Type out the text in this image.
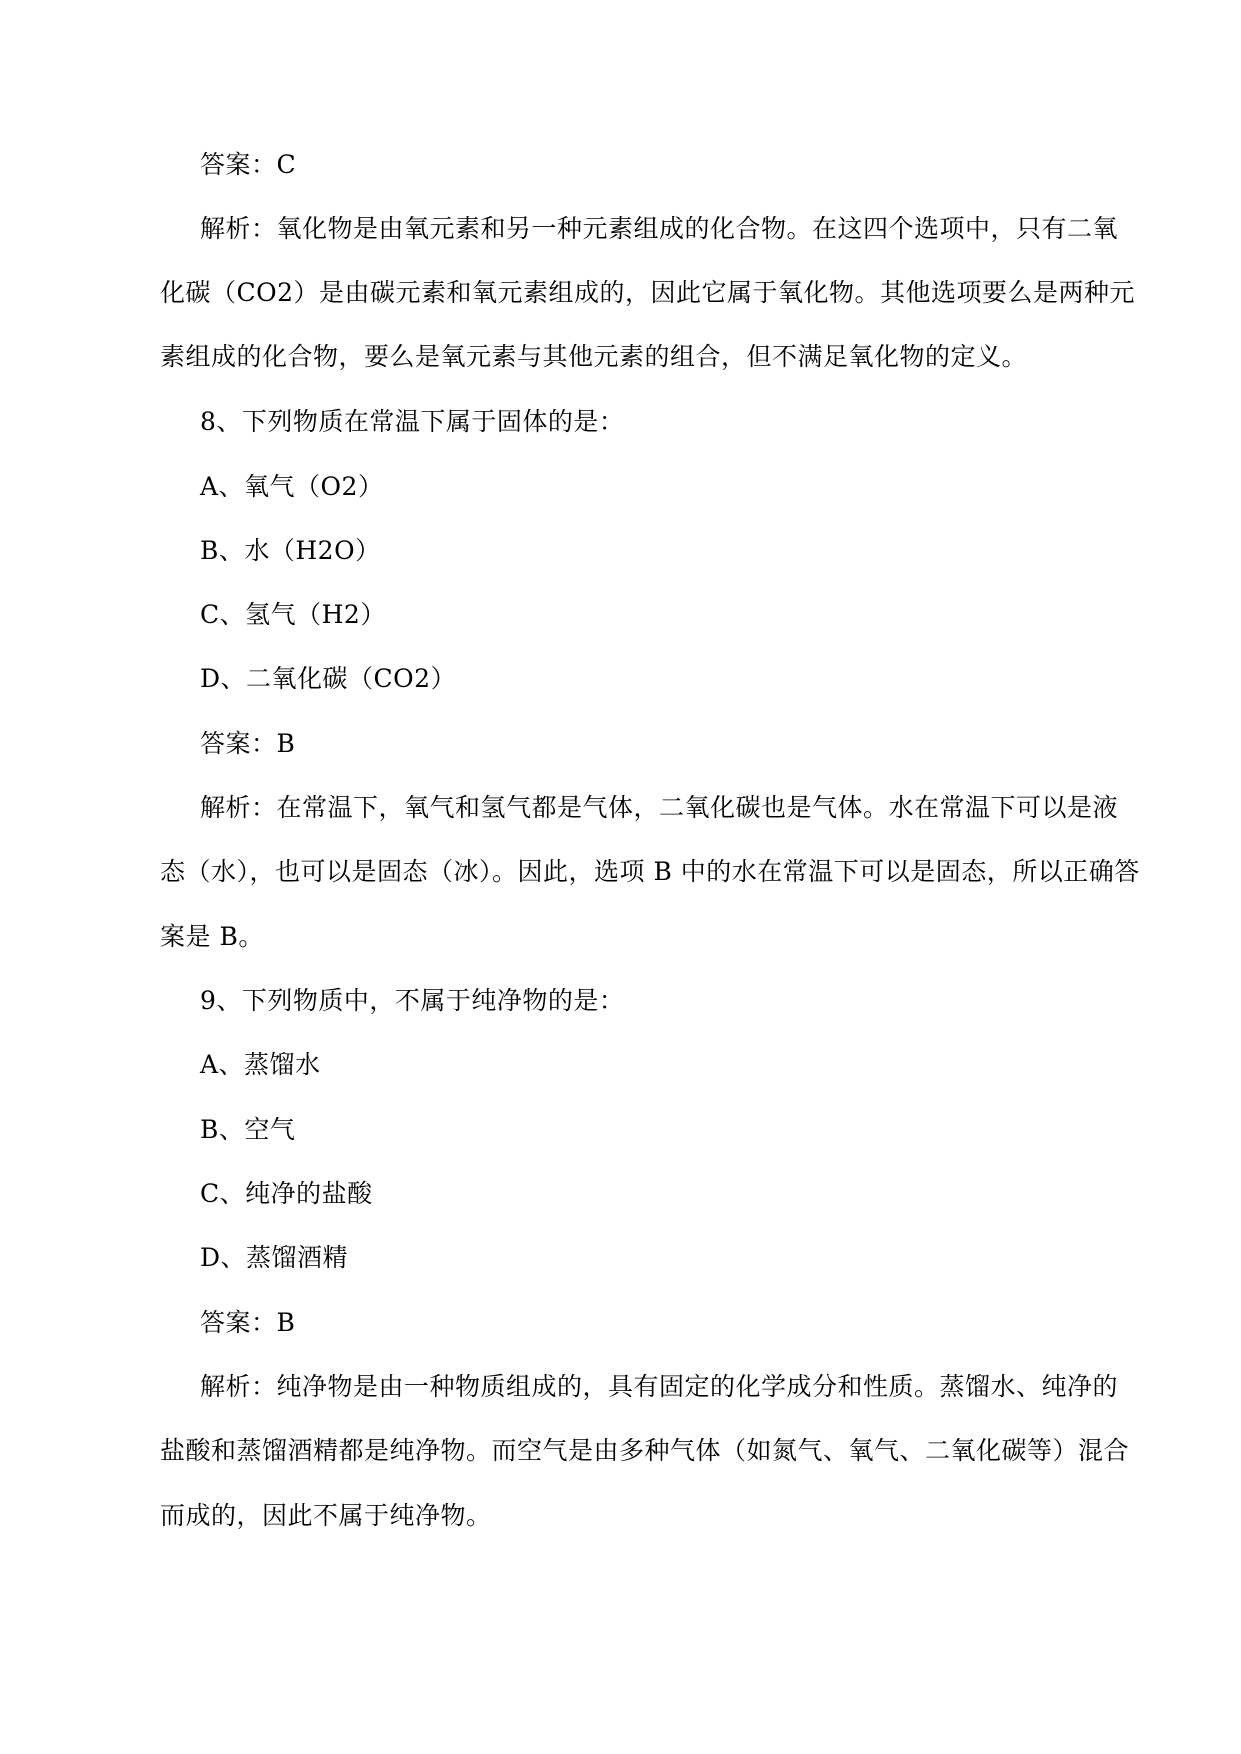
答案：C
解析：氧化物是由氧元素和另一种元素组成的化合物。在这四个选项中，只有二氧
化碳（CO2）是由碳元素和氧元素组成的，因此它属于氧化物。其他选项要么是两种元
素组成的化合物，要么是氧元素与其他元素的组合，但不满足氧化物的定义。
8、下列物质在常温下属于固体的是：
A、氧气（O2）
B、水（H2O）
C、氢气（H2）
D、二氧化碳（CO2）
答案：B
解析：在常温下，氧气和氢气都是气体，二氧化碳也是气体。水在常温下可以是液
态（水），也可以是固态（冰）。因此，选项 B 中的水在常温下可以是固态，所以正确答
案是 B。
9、下列物质中，不属于纯净物的是：
A、蒸馏水
B、空气
C、纯净的盐酸
D、蒸馏酒精
答案：B
解析：纯净物是由一种物质组成的，具有固定的化学成分和性质。蒸馏水、纯净的
盐酸和蒸馏酒精都是纯净物。而空气是由多种气体（如氮气、氧气、二氧化碳等）混合
而成的，因此不属于纯净物。
